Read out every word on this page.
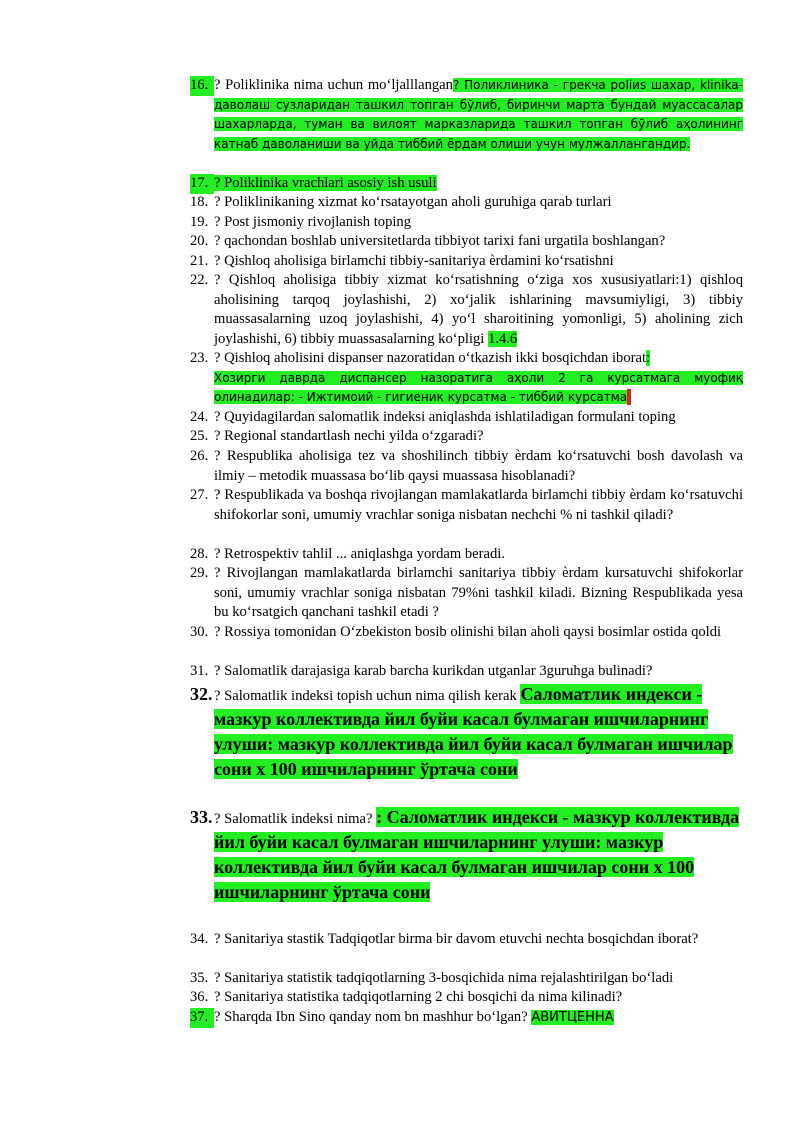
16. ? Poliklinika nima uchun mo‘ljalllangan? Поликлиника - грекча poliиs шахар, klinika-даволаш сузларидан ташкил топган бўлиб, биринчи марта бундай муассасалар шахарларда, туман ва вилоят марказларида ташкил топган бўлиб аҳолининг катнаб даволаниши ва уйда тиббий ёрдам олиши учун мулжаллангандир.
17. ? Poliklinika vrachlari asosiy ish usuli
18. ? Poliklinikaning xizmat ko‘rsatayotgan aholi guruhiga qarab turlari
19. ? Post jismoniy rivojlanish toping
20. ? qachondan boshlab universitetlarda tibbiyot tarixi fani urgatila boshlangan?
21. ? Qishloq aholisiga birlamchi tibbiy-sanitariya ѐrdamini ko‘rsatishni
22. ? Qishloq aholisiga tibbiy xizmat ko‘rsatishning o‘ziga xos xususiyatlari:1) qishloq aholisining tarqoq joylashishi, 2) xo‘jalik ishlarining mavsumiyligi, 3) tibbiy muassasalarning uzoq joylashishi, 4) yo‘l sharoitining yomonligi, 5) aholining zich joylashishi, 6) tibbiy muassasalarning ko‘pligi 1.4.6
23. ? Qishloq aholisini dispanser nazoratidan o‘tkazish ikki bosqichdan iborat:
Хозирги даврда диспансер назоратига аҳоли 2 га курсатмага муофиқ олинадилар: - Ижтимоий - гигиеник курсатма - тиббий курсатма.
24. ? Quyidagilardan salomatlik indeksi aniqlashda ishlatiladigan formulani toping
25. ? Regional standartlash nechi yilda o‘zgaradi?
26. ? Respublika aholisiga tez va shoshilinch tibbiy ѐrdam ko‘rsatuvchi bosh davolash va ilmiy – metodik muassasa bo‘lib qaysi muassasa hisoblanadi?
27. ? Respublikada va boshqa rivojlangan mamlakatlarda birlamchi tibbiy ѐrdam ko‘rsatuvchi shifokorlar soni, umumiy vrachlar soniga nisbatan nechchi % ni tashkil qiladi?
28. ? Retrospektiv tahlil ... aniqlashga yordam beradi.
29. ? Rivojlangan mamlakatlarda birlamchi sanitariya tibbiy ѐrdam kursatuvchi shifokorlar soni, umumiy vrachlar soniga nisbatan 79%ni tashkil kiladi. Bizning Respublikada yesa bu ko‘rsatgich qanchani tashkil etadi ?
30. ? Rossiya tomonidan O‘zbekiston bosib olinishi bilan aholi qaysi bosimlar ostida qoldi
31. ? Salomatlik darajasiga karab barcha kurikdan utganlar 3guruhga bulinadi?
32. ? Salomatlik indeksi topish uchun nima qilish kerak Саломатлик индекси - мазкур коллективда йил буйи касал булмаган ишчиларнинг улуши: мазкур коллективда йил буйи касал булмаган ишчилар сони х 100 ишчиларнинг ўртача сони
33. ? Salomatlik indeksi nima? : Саломатлик индекси - мазкур коллективда йил буйи касал булмаган ишчиларнинг улуши: мазкур коллективда йил буйи касал булмаган ишчилар сони х 100 ишчиларнинг ўртача сони
34. ? Sanitariya stastik Tadqiqotlar birma bir davom etuvchi nechta bosqichdan iborat?
35. ? Sanitariya statistik tadqiqotlarning 3-bosqichida nima rejalashtirilgan bo‘ladi
36. ? Sanitariya statistika tadqiqotlarning 2 chi bosqichi da nima kilinadi?
37. ? Sharqda Ibn Sino qanday nom bn mashhur bo‘lgan? АВИТЦЕННА
